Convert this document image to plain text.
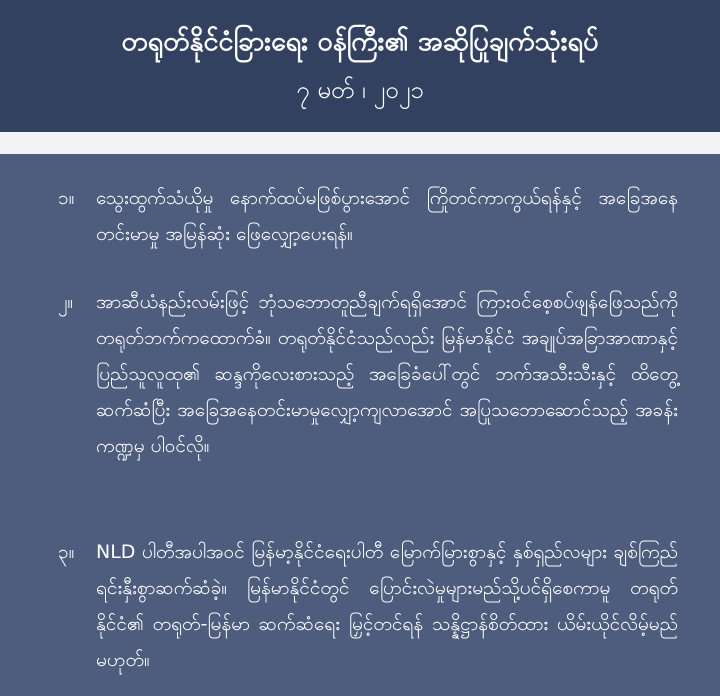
တရုတ်နိုင်ငံခြားရေး ဝန်ကြီး၏ အဆိုပြုချက်သုံးရပ်
၇ မတ် ၊ ၂၀၂၁
၁။	သွေးထွက်သံယိုမှု နောက်ထပ်မဖြစ်ပွားအောင် ကြိုတင်ကာကွယ်ရန်နှင့် အခြေအနေတင်းမာမှု အမြန်ဆုံး ဖြေလျှော့ပေးရန်။
၂။	အာဆီယံနည်းလမ်းဖြင့် ဘုံသဘောတူညီချက်ရရှိအောင် ကြားဝင်စေ့စပ်ဖျန်ဖြေသည်ကို တရုတ်ဘက်ကထောက်ခံ။ တရုတ်နိုင်ငံသည်လည်း မြန်မာနိုင်ငံ အချုပ်အခြာအာဏာနှင့် ပြည်သူလူထု၏ ဆန္ဒကိုလေးစားသည့် အခြေခံပေါ်တွင် ဘက်အသီးသီးနှင့် ထိတွေ့ဆက်ဆံပြီး အခြေအနေတင်းမာမှုလျှော့ကျလာအောင် အပြုသဘောဆောင်သည့် အခန်းကဏ္ဍမှ ပါဝင်လို။
၃။	NLD ပါတီအပါအဝင် မြန်မာ့နိုင်ငံရေးပါတီ မြောက်မြားစွာနှင့် နှစ်ရှည်လများ ချစ်ကြည်ရင်းနှီးစွာဆက်ဆံခဲ့။ မြန်မာနိုင်ငံတွင် ပြောင်းလဲမှုများမည်သို့ပင်ရှိစေကာမူ တရုတ်နိုင်ငံ၏ တရုတ်-မြန်မာ ဆက်ဆံရေး မြှင့်တင်ရန် သန္နိဋ္ဌာန်စိတ်ထား ယိမ်းယိုင်လိမ့်မည်မဟုတ်။
